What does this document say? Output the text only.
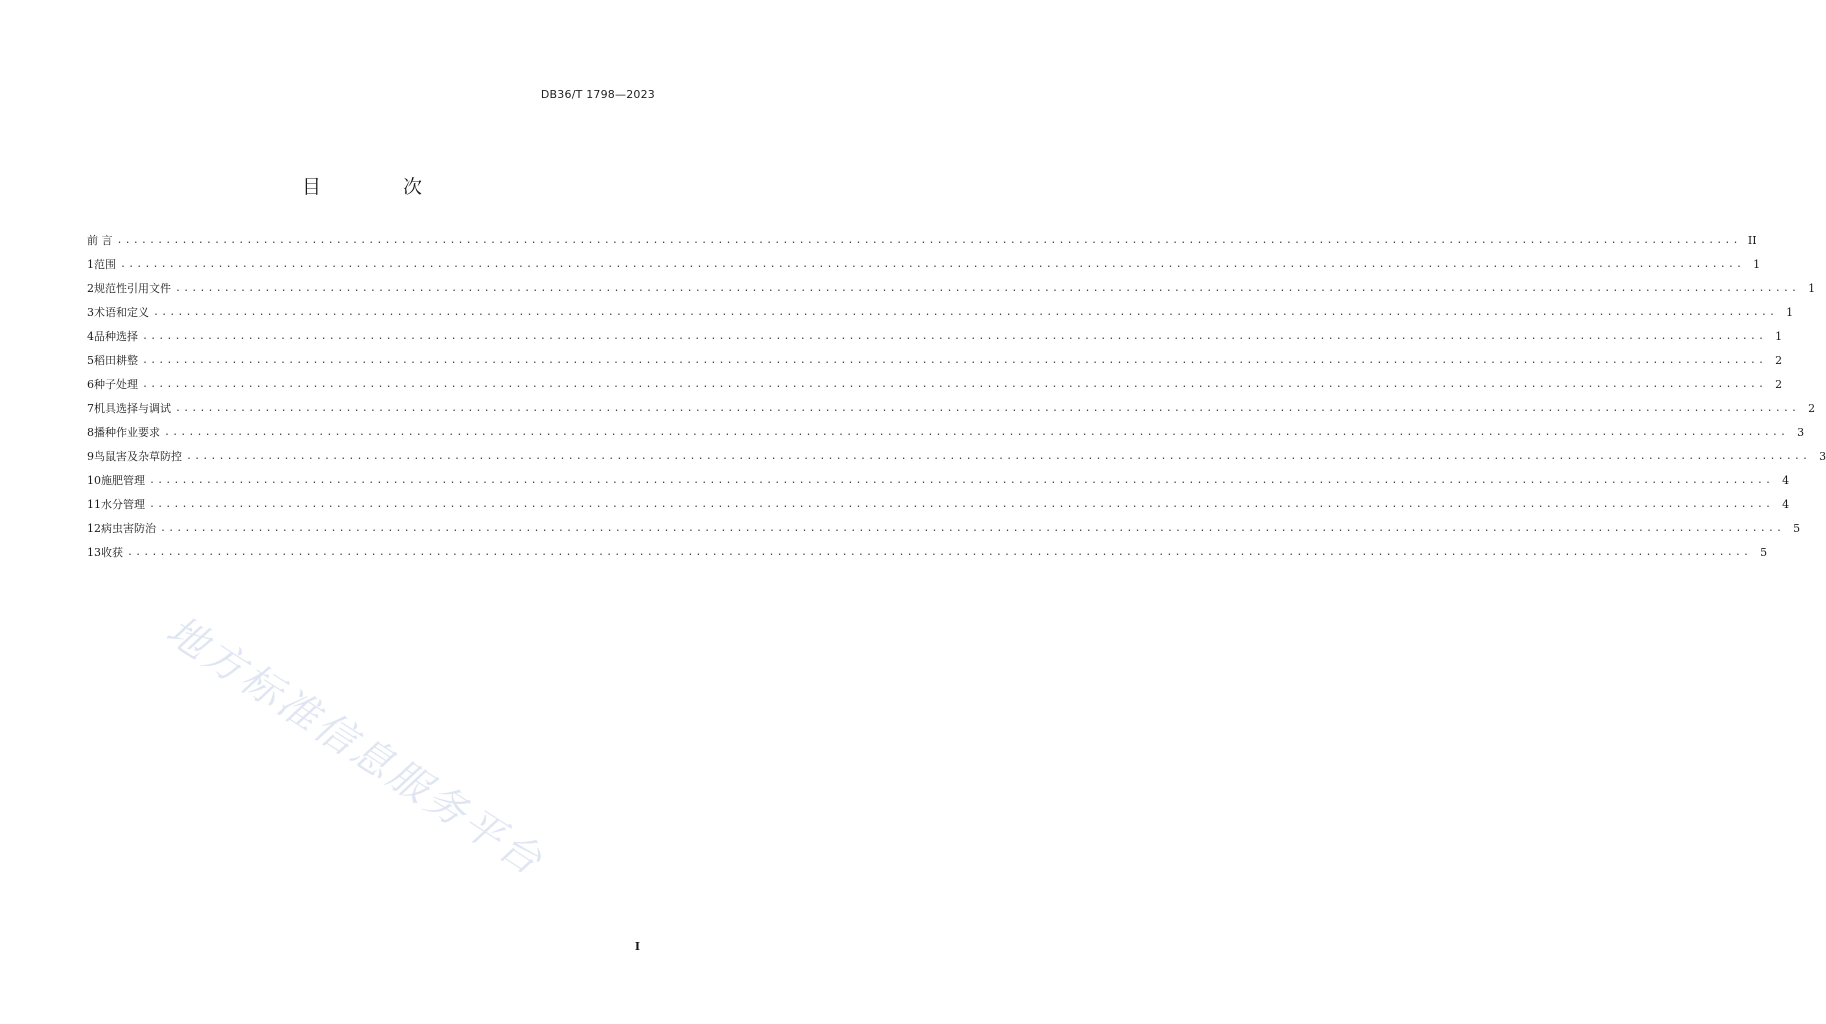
DB36/T 1798—2023
目 次
前 言 ........................................................................................................................................................................................................ II
1 范围 ........................................................................................................................................................................................................ 1
2 规范性引用文件 ........................................................................................................................................................................................................ 1
3 术语和定义 ........................................................................................................................................................................................................ 1
4 品种选择 ........................................................................................................................................................................................................ 1
5 稻田耕整 ........................................................................................................................................................................................................ 2
6 种子处理 ........................................................................................................................................................................................................ 2
7 机具选择与调试 ........................................................................................................................................................................................................ 2
8 播种作业要求 ........................................................................................................................................................................................................ 3
9 鸟鼠害及杂草防控 ........................................................................................................................................................................................................ 3
10 施肥管理 ........................................................................................................................................................................................................ 4
11 水分管理 ........................................................................................................................................................................................................ 4
12 病虫害防治 ........................................................................................................................................................................................................ 5
13 收获 ........................................................................................................................................................................................................ 5
地方标准信息服务平台
I
